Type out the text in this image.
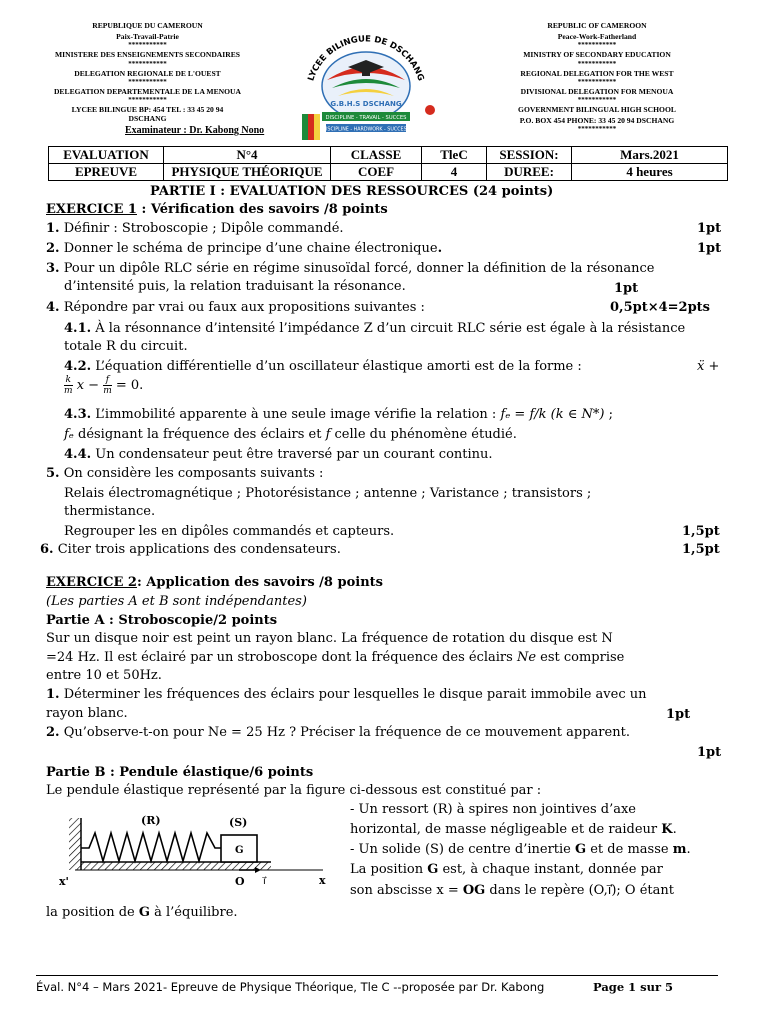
REPUBLIQUE DU CAMEROUN
Paix-Travail-Patrie
***********
MINISTERE DES ENSEIGNEMENTS SECONDAIRES
***********
DELEGATION REGIONALE DE L'OUEST
***********
DELEGATION DEPARTEMENTALE DE LA MENOUA
***********
LYCEE BILINGUE BP: 454 TEL : 33 45 20 94
DSCHANG
REPUBLIC OF CAMEROON
Peace-Work-Fatherland
***********
MINISTRY OF SECONDARY EDUCATION
***********
REGIONAL DELEGATION FOR THE WEST
***********
DIVISIONAL DELEGATION FOR MENOUA
***********
GOVERNMENT BILINGUAL HIGH SCHOOL
P.O. BOX 454 PHONE: 33 45 20 94 DSCHANG
***********
Examinateur : Dr. Kabong Nono
LYCEE BILINGUE DE DSCHANG
G.B.H.S DSCHANG
DISCIPLINE - TRAVAIL - SUCCES
DISCIPLINE - HARDWORK - SUCCESS
EVALUATION	N°4	CLASSE	TleC	SESSION:	Mars.2021
EPREUVE	PHYSIQUE THÉORIQUE	COEF	4	DUREE:	4 heures
PARTIE I : EVALUATION DES RESSOURCES (24 points)
EXERCICE 1 : Vérification des savoirs /8 points
1. Définir : Stroboscopie ; Dipôle commandé.	1pt
2. Donner le schéma de principe d’une chaine électronique.	1pt
3. Pour un dipôle RLC série en régime sinusoïdal forcé, donner la définition de la résonance
d’intensité puis, la relation traduisant la résonance.	1pt
4. Répondre par vrai ou faux aux propositions suivantes :	0,5pt×4=2pts
4.1. À la résonnance d’intensité l’impédance Z d’un circuit RLC série est égale à la résistance
totale R du circuit.
4.2. L’équation différentielle d’un oscillateur élastique amorti est de la forme :	ẍ +
$\frac{k}{m}$ $x - \frac{f}{m} = 0$.
4.3. L’immobilité apparente à une seule image vérifie la relation : fₑ = f/k (k ∈ N*) ;
fₑ désignant la fréquence des éclairs et f celle du phénomène étudié.
4.4. Un condensateur peut être traversé par un courant continu.
5. On considère les composants suivants :
Relais électromagnétique ; Photorésistance ; antenne ; Varistance ; transistors ;
thermistance.
Regrouper les en dipôles commandés et capteurs.	1,5pt
6. Citer trois applications des condensateurs.	1,5pt
EXERCICE 2: Application des savoirs /8 points
(Les parties A et B sont indépendantes)
Partie A : Stroboscopie/2 points
Sur un disque noir est peint un rayon blanc. La fréquence de rotation du disque est N
=24 Hz. Il est éclairé par un stroboscope dont la fréquence des éclairs Ne est comprise
entre 10 et 50Hz.
1. Déterminer les fréquences des éclairs pour lesquelles le disque parait immobile avec un
rayon blanc.	1pt
2. Qu’observe-t-on pour Ne = 25 Hz ? Préciser la fréquence de ce mouvement apparent.
1pt
Partie B : Pendule élastique/6 points
Le pendule élastique représenté par la figure ci-dessous est constitué par :
- Un ressort (R) à spires non jointives d’axe
horizontal, de masse négligeable et de raideur K.
- Un solide (S) de centre d’inertie G et de masse m.
La position G est, à chaque instant, donnée par
son abscisse x = OG dans le repère (O,i⃗); O étant
la position de G à l’équilibre.
(R)	(S)
G
x'	O i⃗	x
Éval. N°4 – Mars 2021- Epreuve de Physique Théorique, Tle C --proposée par Dr. Kabong	Page 1 sur 5
